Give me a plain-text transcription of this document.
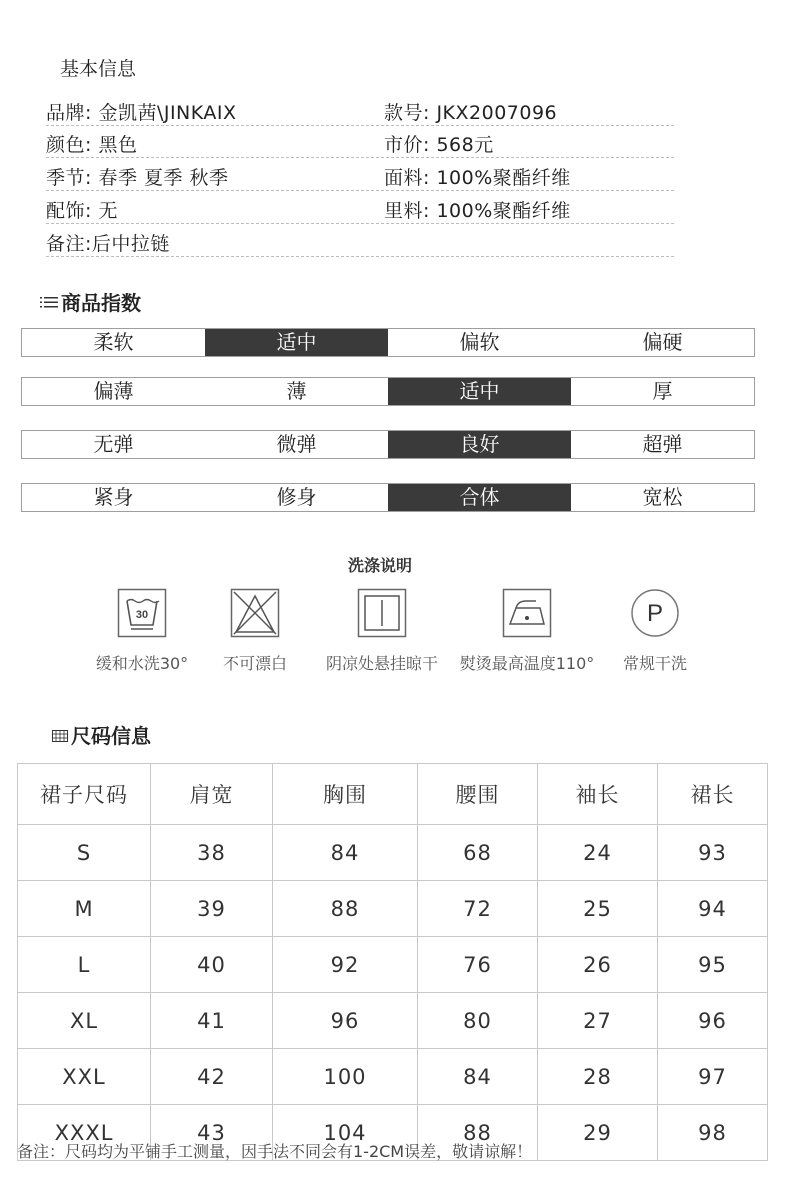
基本信息
品牌: 金凯茜\JINKAIX	款号: JKX2007096
颜色: 黑色	市价: 568元
季节: 春季 夏季 秋季	面料: 100%聚酯纤维
配饰: 无	里料: 100%聚酯纤维
备注:后中拉链
商品指数
柔软	适中	偏软	偏硬
偏薄	薄	适中	厚
无弹	微弹	良好	超弹
紧身	修身	合体	宽松
洗涤说明
30
缓和水洗30°	不可漂白	阴凉处悬挂晾干	熨烫最高温度110°
P
常规干洗
尺码信息
裙子尺码	肩宽	胸围	腰围	袖长	裙长
S	38	84	68	24	93
M	39	88	72	25	94
L	40	92	76	26	95
XL	41	96	80	27	96
XXL	42	100	84	28	97
XXXL	43	104	88	29	98
备注：尺码均为平铺手工测量，因手法不同会有1-2CM误差，敬请谅解！
